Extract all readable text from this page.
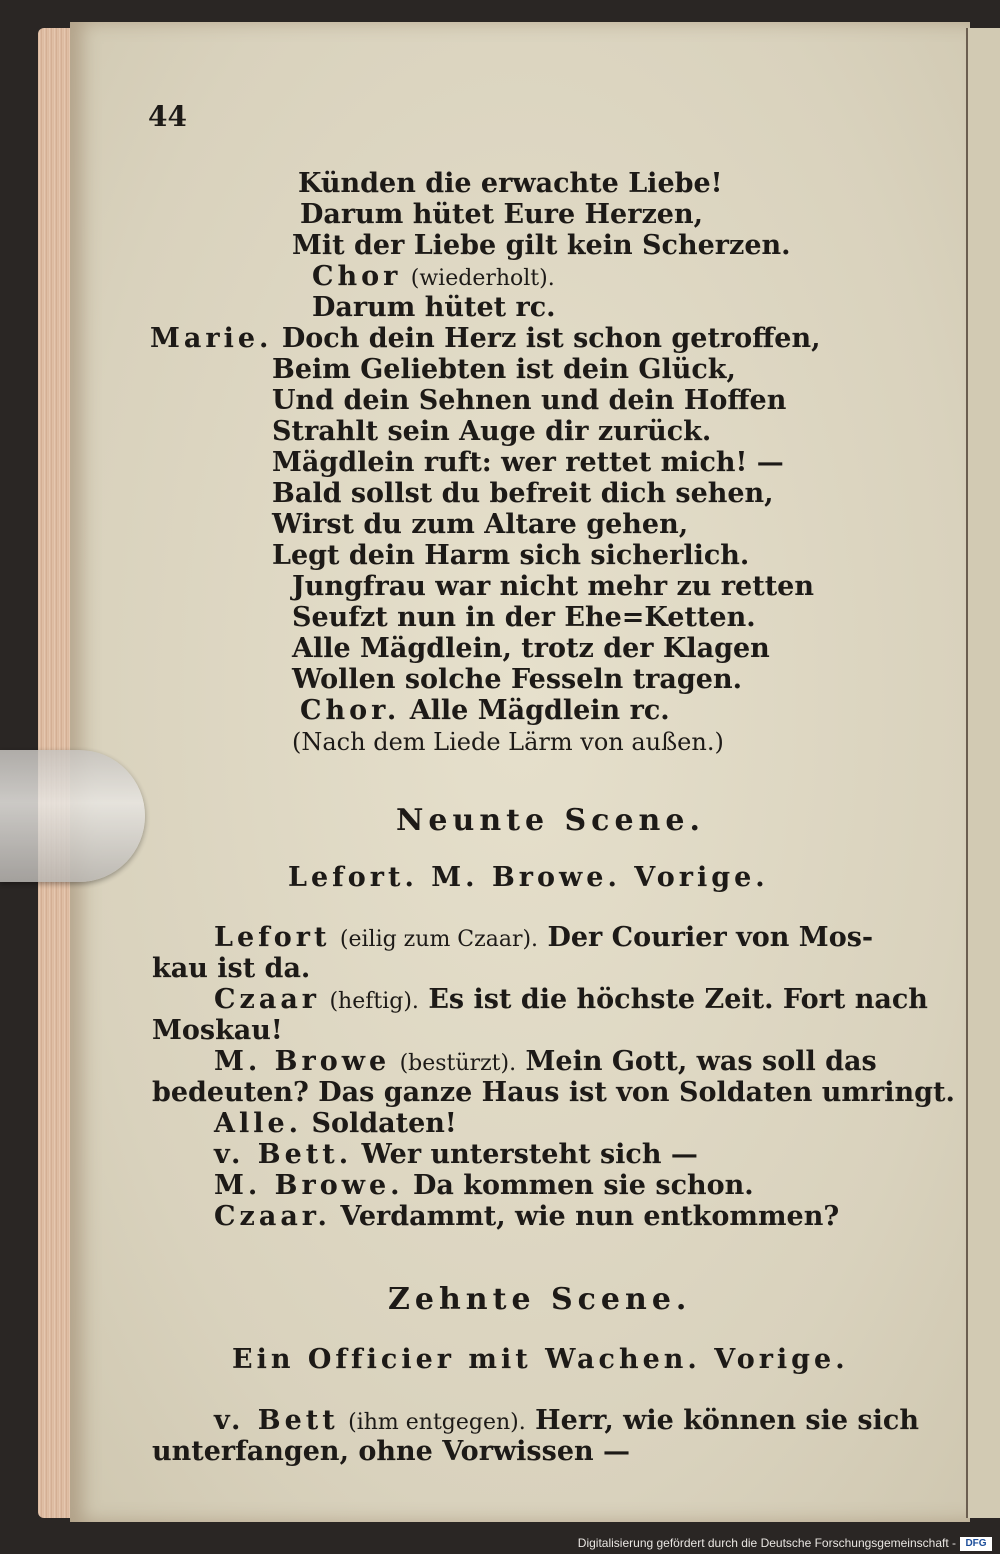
44
Künden die erwachte Liebe!
Darum hütet Eure Herzen,
Mit der Liebe gilt kein Scherzen.
Chor (wiederholt).
Darum hütet rc.
Marie. Doch dein Herz ist schon getroffen,
Beim Geliebten ist dein Glück,
Und dein Sehnen und dein Hoffen
Strahlt sein Auge dir zurück.
Mägdlein ruft: wer rettet mich! —
Bald sollst du befreit dich sehen,
Wirst du zum Altare gehen,
Legt dein Harm sich sicherlich.
Jungfrau war nicht mehr zu retten
Seufzt nun in der Ehe=Ketten.
Alle Mägdlein, trotz der Klagen
Wollen solche Fesseln tragen.
Chor. Alle Mägdlein rc.
(Nach dem Liede Lärm von außen.)
Neunte Scene.
Lefort. M. Browe. Vorige.
Lefort (eilig zum Czaar). Der Courier von Mos-
kau ist da.
Czaar (heftig). Es ist die höchste Zeit. Fort nach
Moskau!
M. Browe (bestürzt). Mein Gott, was soll das
bedeuten? Das ganze Haus ist von Soldaten umringt.
Alle. Soldaten!
v. Bett. Wer untersteht sich —
M. Browe. Da kommen sie schon.
Czaar. Verdammt, wie nun entkommen?
Zehnte Scene.
Ein Officier mit Wachen. Vorige.
v. Bett (ihm entgegen). Herr, wie können sie sich
unterfangen, ohne Vorwissen —
Digitalisierung gefördert durch die Deutsche Forschungsgemeinschaft - DFG
